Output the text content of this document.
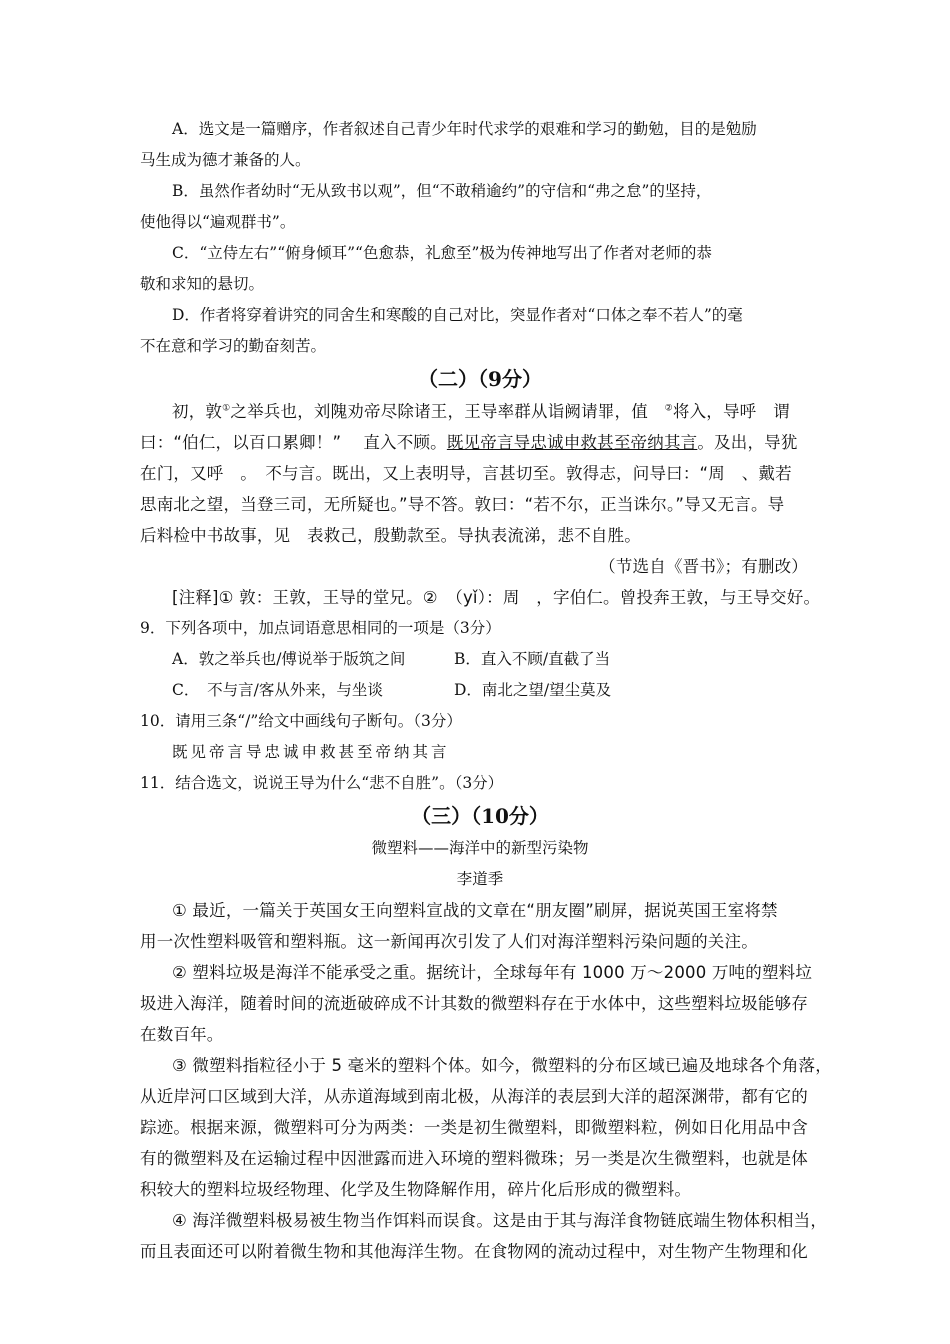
A．选文是一篇赠序，作者叙述自己青少年时代求学的艰难和学习的勤勉，目的是勉励
马生成为德才兼备的人。
B．虽然作者幼时“无从致书以观”，但“不敢稍逾约”的守信和“弗之怠”的坚持，
使他得以“遍观群书”。
C．“立侍左右”“俯身倾耳”“色愈恭，礼愈至”极为传神地写出了作者对老师的恭
敬和求知的悬切。
D．作者将穿着讲究的同舍生和寒酸的自己对比，突显作者对“口体之奉不若人”的毫
不在意和学习的勤奋刻苦。
（二）（9分）
初，敦①之举兵也，刘隗劝帝尽除诸王，王导率群从诣阙请罪，值　 ②将入，导呼　谓
曰：“伯仁，以百口累卿！”　 直入不顾。既见帝言导忠诚申救甚至帝纳其言。及出，导犹
在门，又呼　。　不与言。既出，又上表明导，言甚切至。敦得志，问导曰：“周　、戴若
思南北之望，当登三司，无所疑也。”导不答。敦曰：“若不尔，正当诛尔。”导又无言。导
后料检中书故事，见　表救己，殷勤款至。导执表流涕，悲不自胜。
（节选自《晋书》；有删改）
[注释]① 敦：王敦，王导的堂兄。②　（yǐ）：周　，字伯仁。曾投奔王敦，与王导交好。
9．下列各项中，加点词语意思相同的一项是（3分）
A．敦之举兵也/傅说举于版筑之间	B．直入不顾/直截了当
C．　不与言/客从外来，与坐谈	D．南北之望/望尘莫及
10．请用三条“/”给文中画线句子断句。（3分）
既见帝言导忠诚申救甚至帝纳其言
11．结合选文，说说王导为什么“悲不自胜”。（3分）
（三）（10分）
微塑料——海洋中的新型污染物
李道季
① 最近，一篇关于英国女王向塑料宣战的文章在“朋友圈”刷屏，据说英国王室将禁
用一次性塑料吸管和塑料瓶。这一新闻再次引发了人们对海洋塑料污染问题的关注。
② 塑料垃圾是海洋不能承受之重。据统计，全球每年有 1000 万～2000 万吨的塑料垃
圾进入海洋，随着时间的流逝破碎成不计其数的微塑料存在于水体中，这些塑料垃圾能够存
在数百年。
③ 微塑料指粒径小于 5 毫米的塑料个体。如今，微塑料的分布区域已遍及地球各个角落，
从近岸河口区域到大洋，从赤道海域到南北极，从海洋的表层到大洋的超深渊带，都有它的
踪迹。根据来源，微塑料可分为两类：一类是初生微塑料，即微塑料粒，例如日化用品中含
有的微塑料及在运输过程中因泄露而进入环境的塑料微珠；另一类是次生微塑料，也就是体
积较大的塑料垃圾经物理、化学及生物降解作用，碎片化后形成的微塑料。
④ 海洋微塑料极易被生物当作饵料而误食。这是由于其与海洋食物链底端生物体积相当，
而且表面还可以附着微生物和其他海洋生物。在食物网的流动过程中，对生物产生物理和化
